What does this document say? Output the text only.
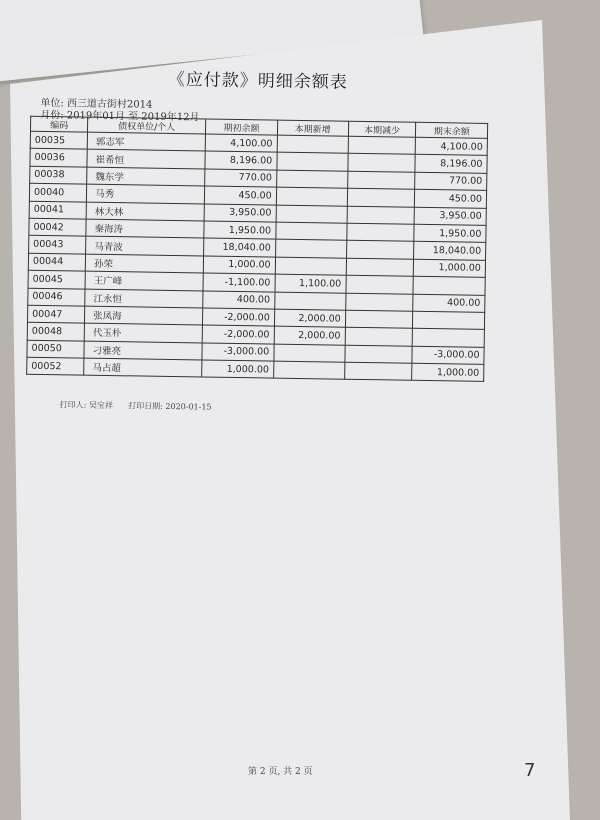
《应付款》明细余额表
单位: 西三道古街村2014
月份: 2019年01月 至 2019年12月
编码	债权单位/个人	期初余额	本期新增	本期减少	期末余额
00035	郭志军	4,100.00			4,100.00
00036	崔希恒	8,196.00			8,196.00
00038	魏东学	770.00			770.00
00040	马秀	450.00			450.00
00041	林大林	3,950.00			3,950.00
00042	秦海涛	1,950.00			1,950.00
00043	马青波	18,040.00			18,040.00
00044	孙荣	1,000.00			1,000.00
00045	王广峰	-1,100.00	1,100.00		
00046	江永恒	400.00			400.00
00047	张凤海	-2,000.00	2,000.00		
00048	代玉朴	-2,000.00	2,000.00		
00050	刁雅亮	-3,000.00			-3,000.00
00052	马占超	1,000.00			1,000.00
打印人: 吴宝祥 打印日期: 2020-01-15
第 2 页, 共 2 页	7
